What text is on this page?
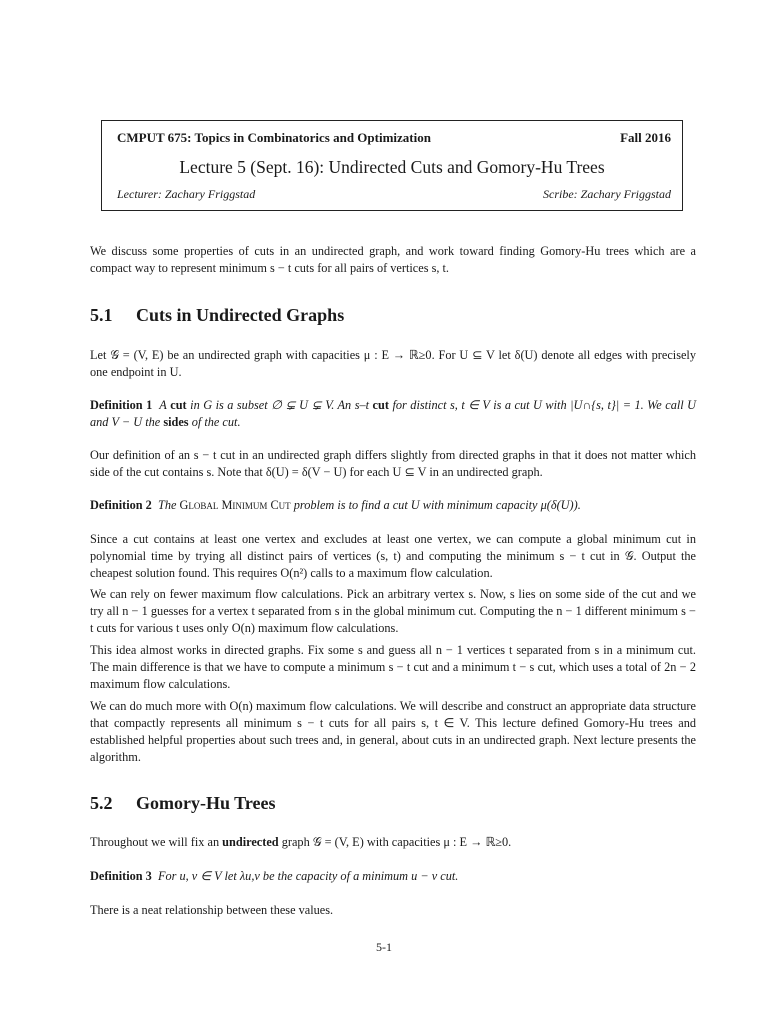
CMPUT 675: Topics in Combinatorics and Optimization	Fall 2016
Lecture 5 (Sept. 16): Undirected Cuts and Gomory-Hu Trees
Lecturer: Zachary Friggstad	Scribe: Zachary Friggstad

We discuss some properties of cuts in an undirected graph, and work toward finding Gomory-Hu trees which are a compact way to represent minimum s − t cuts for all pairs of vertices s, t.

5.1 Cuts in Undirected Graphs

Let 𝒢 = (V, E) be an undirected graph with capacities μ : E → ℝ≥0. For U ⊆ V let δ(U) denote all edges with precisely one endpoint in U.

Definition 1 A cut in G is a subset ∅ ⊊ U ⊊ V. An s–t cut for distinct s, t ∈ V is a cut U with |U∩{s, t}| = 1. We call U and V − U the sides of the cut.

Our definition of an s − t cut in an undirected graph differs slightly from directed graphs in that it does not matter which side of the cut contains s. Note that δ(U) = δ(V − U) for each U ⊆ V in an undirected graph.

Definition 2 The Global Minimum Cut problem is to find a cut U with minimum capacity μ(δ(U)).

Since a cut contains at least one vertex and excludes at least one vertex, we can compute a global minimum cut in polynomial time by trying all distinct pairs of vertices (s, t) and computing the minimum s − t cut in 𝒢. Output the cheapest solution found. This requires O(n²) calls to a maximum flow calculation.

We can rely on fewer maximum flow calculations. Pick an arbitrary vertex s. Now, s lies on some side of the cut and we try all n − 1 guesses for a vertex t separated from s in the global minimum cut. Computing the n − 1 different minimum s − t cuts for various t uses only O(n) maximum flow calculations.

This idea almost works in directed graphs. Fix some s and guess all n − 1 vertices t separated from s in a minimum cut. The main difference is that we have to compute a minimum s − t cut and a minimum t − s cut, which uses a total of 2n − 2 maximum flow calculations.

We can do much more with O(n) maximum flow calculations. We will describe and construct an appropriate data structure that compactly represents all minimum s − t cuts for all pairs s, t ∈ V. This lecture defined Gomory-Hu trees and established helpful properties about such trees and, in general, about cuts in an undirected graph. Next lecture presents the algorithm.

5.2 Gomory-Hu Trees

Throughout we will fix an undirected graph 𝒢 = (V, E) with capacities μ : E → ℝ≥0.

Definition 3 For u, v ∈ V let λu,v be the capacity of a minimum u − v cut.

There is a neat relationship between these values.

5-1
